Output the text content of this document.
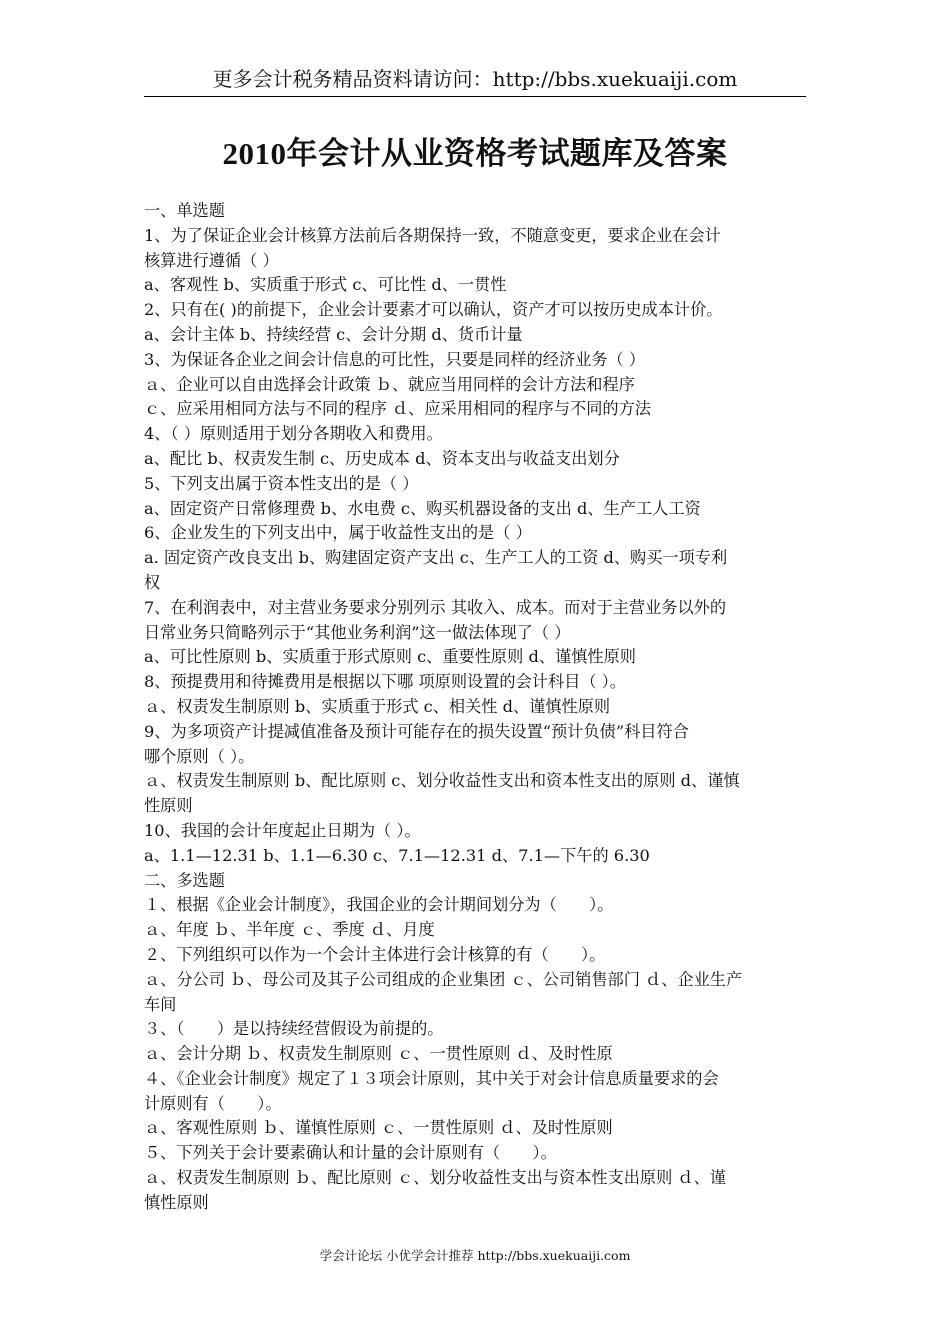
更多会计税务精品资料请访问：http://bbs.xuekuaiji.com
2010年会计从业资格考试题库及答案
一、单选题
1、为了保证企业会计核算方法前后各期保持一致，不随意变更，要求企业在会计
核算进行遵循（ ）
a、客观性 b、实质重于形式 c、可比性 d、一贯性
2、只有在( )的前提下，企业会计要素才可以确认，资产才可以按历史成本计价。
a、会计主体 b、持续经营 c、会计分期 d、货币计量
3、为保证各企业之间会计信息的可比性，只要是同样的经济业务（ ）
ａ、企业可以自由选择会计政策 ｂ、就应当用同样的会计方法和程序
ｃ、应采用相同方法与不同的程序 ｄ、应采用相同的程序与不同的方法
4、（ ）原则适用于划分各期收入和费用。
a、配比 b、权责发生制 c、历史成本 d、资本支出与收益支出划分
5、下列支出属于资本性支出的是（ ）
a、固定资产日常修理费 b、水电费 c、购买机器设备的支出 d、生产工人工资
6、企业发生的下列支出中，属于收益性支出的是（ ）
a. 固定资产改良支出 b、购建固定资产支出 c、生产工人的工资 d、购买一项专利
权
7、在利润表中，对主营业务要求分别列示 其收入、成本。而对于主营业务以外的
日常业务只简略列示于“其他业务利润”这一做法体现了（ ）
a、可比性原则 b、实质重于形式原则 c、重要性原则 d、谨慎性原则
8、预提费用和待摊费用是根据以下哪 项原则设置的会计科目（ ）。
ａ、权责发生制原则 b、实质重于形式 c、相关性 d、谨慎性原则
9、为多项资产计提减值准备及预计可能存在的损失设置“预计负债”科目符合
哪个原则（ ）。
ａ、权责发生制原则 b、配比原则 c、划分收益性支出和资本性支出的原则 d、谨慎
性原则
10、我国的会计年度起止日期为（ ）。
a、1.1—12.31 b、1.1—6.30 c、7.1—12.31 d、7.1—下午的 6.30
二、多选题
１、根据《企业会计制度》，我国企业的会计期间划分为（　　）。
ａ、年度 ｂ、半年度 ｃ、季度 ｄ、月度
２、下列组织可以作为一个会计主体进行会计核算的有（　　）。
ａ、分公司 ｂ、母公司及其子公司组成的企业集团 ｃ、公司销售部门 ｄ、企业生产
车间
３、（　　）是以持续经营假设为前提的。
ａ、会计分期 ｂ、权责发生制原则 ｃ、一贯性原则 ｄ、及时性原
４、《企业会计制度》规定了１３项会计原则，其中关于对会计信息质量要求的会
计原则有（　　）。
ａ、客观性原则 ｂ、谨慎性原则 ｃ、一贯性原则 ｄ、及时性原则
５、下列关于会计要素确认和计量的会计原则有（　　）。
ａ、权责发生制原则 ｂ、配比原则 ｃ、划分收益性支出与资本性支出原则 ｄ、谨
慎性原则
学会计论坛 小优学会计推荐 http://bbs.xuekuaiji.com
